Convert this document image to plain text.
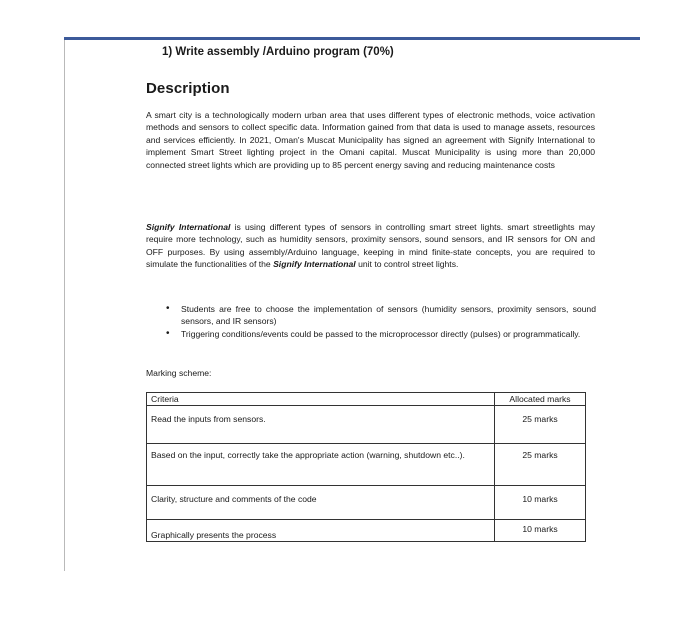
1) Write assembly /Arduino program (70%)
Description

A smart city is a technologically modern urban area that uses different types of electronic methods, voice activation methods and sensors to collect specific data. Information gained from that data is used to manage assets, resources and services efficiently. In 2021, Oman's Muscat Municipality has signed an agreement with Signify International to implement Smart Street lighting project in the Omani capital. Muscat Municipality is using more than 20,000 connected street lights which are providing up to 85 percent energy saving and reducing maintenance costs

Signify International is using different types of sensors in controlling smart street lights. smart streetlights may require more technology, such as humidity sensors, proximity sensors, sound sensors, and IR sensors for ON and OFF purposes. By using assembly/Arduino language, keeping in mind finite-state concepts, you are required to simulate the functionalities of the Signify International unit to control street lights.

• Students are free to choose the implementation of sensors (humidity sensors, proximity sensors, sound sensors, and IR sensors)
• Triggering conditions/events could be passed to the microprocessor directly (pulses) or programmatically.
Marking scheme:
Criteria	Allocated marks
Read the inputs from sensors.	25 marks
Based on the input, correctly take the appropriate action (warning, shutdown etc..).	25 marks
Clarity, structure and comments of the code	10 marks
Graphically presents the process	10 marks
